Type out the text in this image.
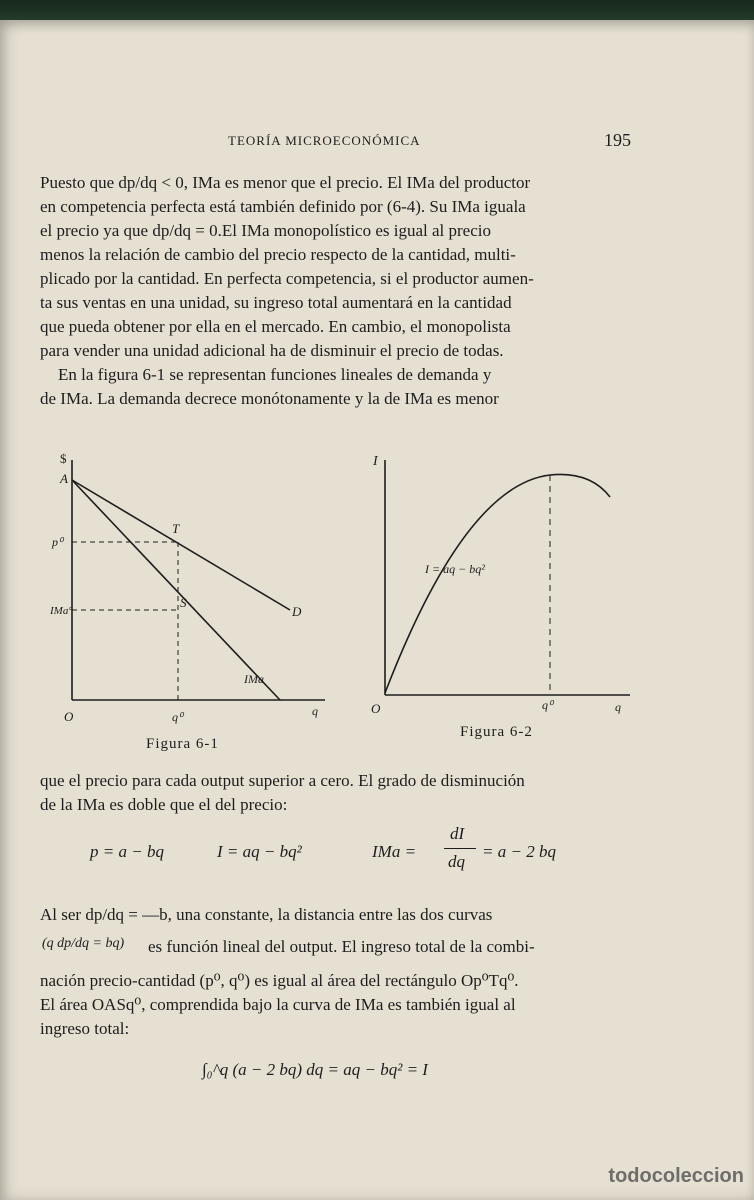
TEORÍA MICROECONÓMICA	195
Puesto que dp/dq < 0, IMa es menor que el precio. El IMa del productor
en competencia perfecta está también definido por (6-4). Su IMa iguala
el precio ya que dp/dq = 0.El IMa monopolístico es igual al precio
menos la relación de cambio del precio respecto de la cantidad, multi-
plicado por la cantidad. En perfecta competencia, si el productor aumen-
ta sus ventas en una unidad, su ingreso total aumentará en la cantidad
que pueda obtener por ella en el mercado. En cambio, el monopolista
para vender una unidad adicional ha de disminuir el precio de todas.
En la figura 6-1 se representan funciones lineales de demanda y
de IMa. La demanda decrece monótonamente y la de IMa es menor
$
A
p⁰
IMa°
T
S
D
IMa
O	q⁰	q
Figura 6-1
I
I = aq − bq²
O	q⁰	q
Figura 6-2
que el precio para cada output superior a cero. El grado de disminución
de la IMa es doble que el del precio:
p = a − bq	I = aq − bq²	IMa =
dI
dq
= a − 2 bq
Al ser dp/dq = —b, una constante, la distancia entre las dos curvas
(q dp/dq = bq) es función lineal del output. El ingreso total de la combi-
nación precio-cantidad (p⁰, q⁰) es igual al área del rectángulo Op⁰Tq⁰.
El área OASq⁰, comprendida bajo la curva de IMa es también igual al
ingreso total:
∫₀^q (a − 2 bq) dq = aq − bq² = I
todocoleccion
